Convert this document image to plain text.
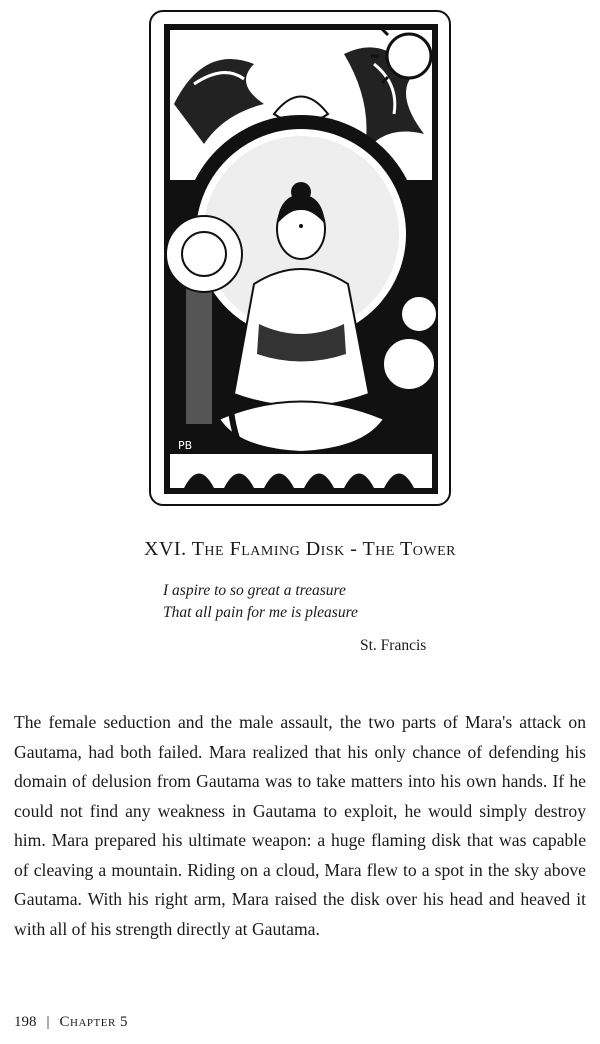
PB
XVI. The Flaming Disk - The Tower
I aspire to so great a treasure
That all pain for me is pleasure
St. Francis

The female seduction and the male assault, the two parts of Mara's attack on Gautama, had both failed. Mara realized that his only chance of defending his domain of delusion from Gautama was to take matters into his own hands. If he could not find any weakness in Gautama to exploit, he would simply destroy him. Mara prepared his ultimate weapon: a huge flaming disk that was capable of cleaving a mountain. Riding on a cloud, Mara flew to a spot in the sky above Gautama. With his right arm, Mara raised the disk over his head and heaved it with all of his strength directly at Gautama.

198 | Chapter 5
